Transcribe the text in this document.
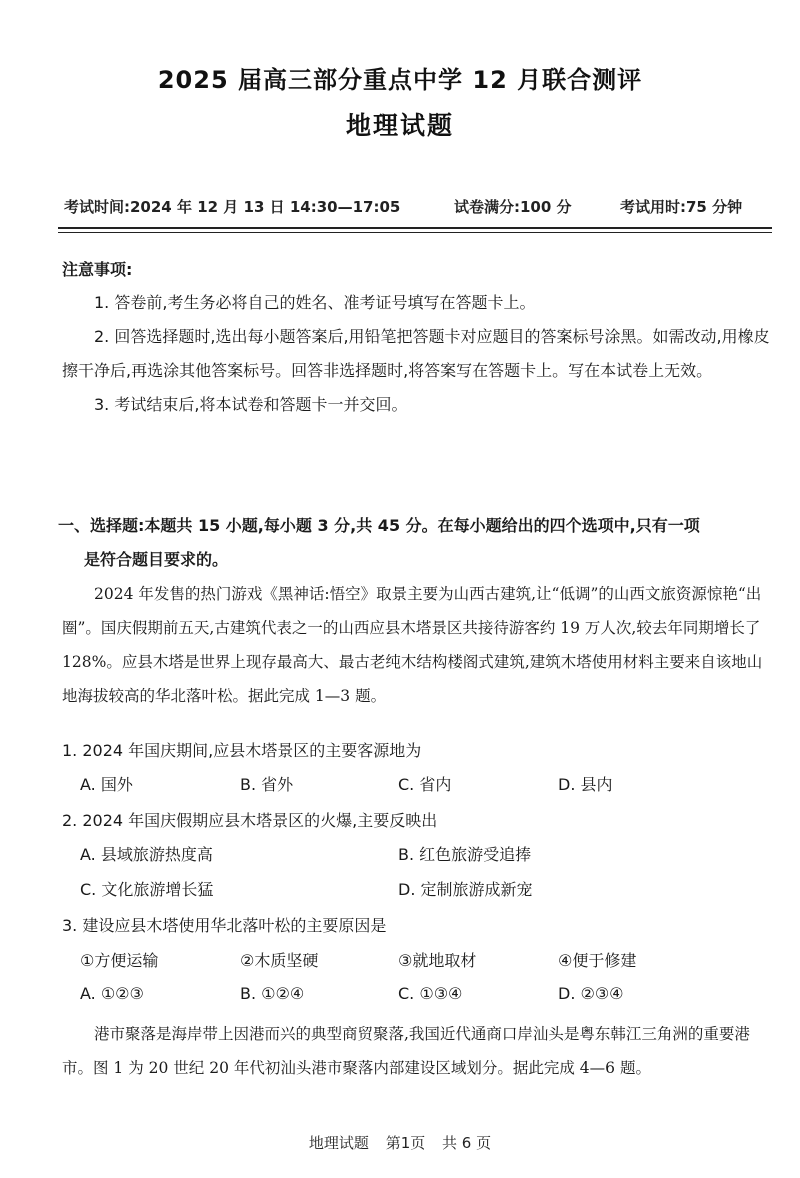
2025 届高三部分重点中学 12 月联合测评
地理试题
考试时间:2024 年 12 月 13 日 14:30—17:05	试卷满分:100 分	考试用时:75 分钟
注意事项:

1. 答卷前,考生务必将自己的姓名、准考证号填写在答题卡上。

2. 回答选择题时,选出每小题答案后,用铅笔把答题卡对应题目的答案标号涂黑。如需改动,用橡皮擦干净后,再选涂其他答案标号。回答非选择题时,将答案写在答题卡上。写在本试卷上无效。

3. 考试结束后,将本试卷和答题卡一并交回。

一、选择题:本题共 15 小题,每小题 3 分,共 45 分。在每小题给出的四个选项中,只有一项
是符合题目要求的。
2024 年发售的热门游戏《黑神话:悟空》取景主要为山西古建筑,让“低调”的山西文旅资源惊艳“出圈”。国庆假期前五天,古建筑代表之一的山西应县木塔景区共接待游客约 19 万人次,较去年同期增长了 128%。应县木塔是世界上现存最高大、最古老纯木结构楼阁式建筑,建筑木塔使用材料主要来自该地山地海拔较高的华北落叶松。据此完成 1—3 题。
1. 2024 年国庆期间,应县木塔景区的主要客源地为
A. 国外	B. 省外	C. 省内	D. 县内
2. 2024 年国庆假期应县木塔景区的火爆,主要反映出
A. 县域旅游热度高	B. 红色旅游受追捧
C. 文化旅游增长猛	D. 定制旅游成新宠
3. 建设应县木塔使用华北落叶松的主要原因是
①方便运输	②木质坚硬	③就地取材	④便于修建
A. ①②③	B. ①②④	C. ①③④	D. ②③④
港市聚落是海岸带上因港而兴的典型商贸聚落,我国近代通商口岸汕头是粤东韩江三角洲的重要港市。图 1 为 20 世纪 20 年代初汕头港市聚落内部建设区域划分。据此完成 4—6 题。
地理试题 第1页 共 6 页
